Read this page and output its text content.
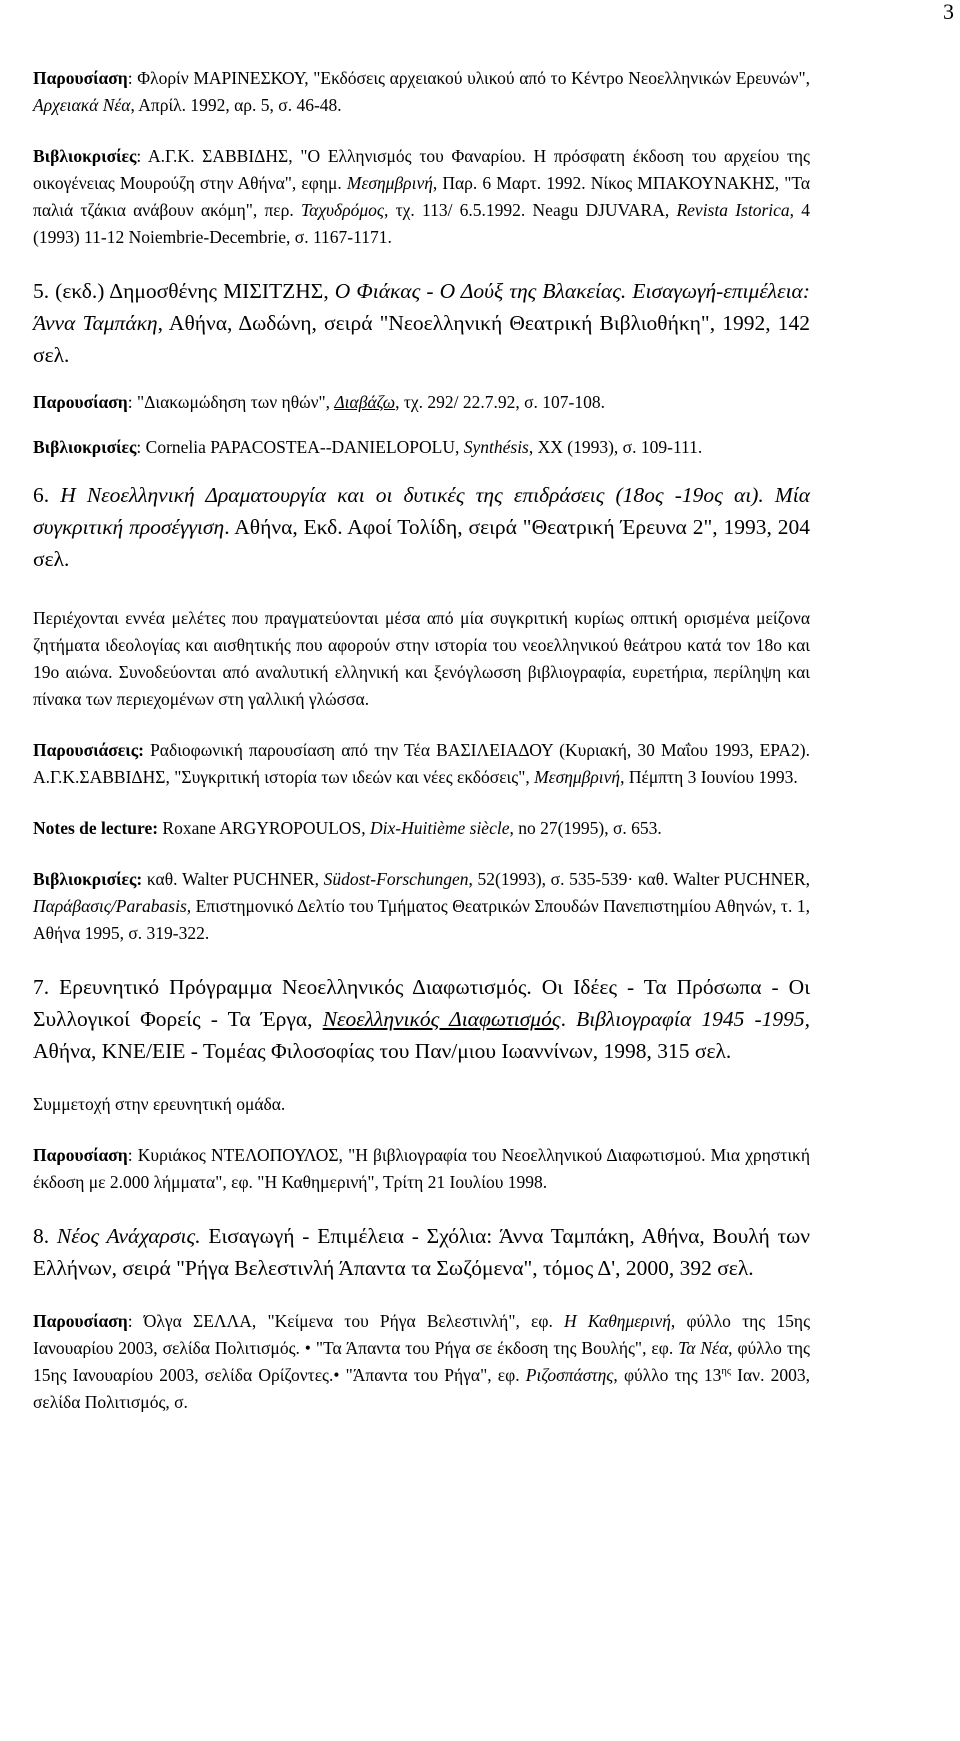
3

Παρουσίαση: Φλορίν ΜΑΡΙΝΕΣΚΟΥ, "Εκδόσεις αρχειακού υλικού από το Κέντρο Νεοελληνικών Ερευνών", Αρχειακά Νέα, Απρίλ. 1992, αρ. 5, σ. 46-48.

Βιβλιοκρισίες: Α.Γ.Κ. ΣΑΒΒΙΔΗΣ, "Ο Ελληνισμός του Φαναρίου. Η πρόσφατη έκδοση του αρχείου της οικογένειας Μουρούζη στην Αθήνα", εφημ. Μεσημβρινή, Παρ. 6 Μαρτ. 1992. Νίκος ΜΠΑΚΟΥΝΑΚΗΣ, "Τα παλιά τζάκια ανάβουν ακόμη", περ. Ταχυδρόμος, τχ. 113/ 6.5.1992. Neagu DJUVARA, Revista Istorica, 4 (1993) 11-12 Noiembrie-Decembrie, σ. 1167-1171.

5. (εκδ.) Δημοσθένης ΜΙΣΙΤΖΗΣ, Ο Φιάκας - Ο Δούξ της Βλακείας. Εισαγωγή-επιμέλεια: Άννα Ταμπάκη, Αθήνα, Δωδώνη, σειρά "Νεοελληνική Θεατρική Βιβλιοθήκη", 1992, 142 σελ.

Παρουσίαση: "Διακωμώδηση των ηθών", Διαβάζω, τχ. 292/ 22.7.92, σ. 107-108.

Βιβλιοκρισίες: Cornelia PAPACOSTEA--DANIELOPOLU, Synthésis, XX (1993), σ. 109-111.

6. Η Νεοελληνική Δραματουργία και οι δυτικές της επιδράσεις (18ος -19ος αι). Μία συγκριτική προσέγγιση. Αθήνα, Εκδ. Αφοί Τολίδη, σειρά "Θεατρική Έρευνα 2", 1993, 204 σελ.

Περιέχονται εννέα μελέτες που πραγματεύονται μέσα από μία συγκριτική κυρίως οπτική ορισμένα μείζονα ζητήματα ιδεολογίας και αισθητικής που αφορούν στην ιστορία του νεοελληνικού θεάτρου κατά τον 18ο και 19ο αιώνα. Συνοδεύονται από αναλυτική ελληνική και ξενόγλωσση βιβλιογραφία, ευρετήρια, περίληψη και πίνακα των περιεχομένων στη γαλλική γλώσσα.

Παρουσιάσεις: Ραδιοφωνική παρουσίαση από την Τέα ΒΑΣΙΛΕΙΑΔΟΥ (Κυριακή, 30 Μαΐου 1993, ΕΡΑ2). Α.Γ.Κ.ΣΑΒΒΙΔΗΣ, "Συγκριτική ιστορία των ιδεών και νέες εκδόσεις", Μεσημβρινή, Πέμπτη 3 Ιουνίου 1993.

Notes de lecture: Roxane ARGYROPOULOS, Dix-Huitième siècle, no 27(1995), σ. 653.

Βιβλιοκρισίες: καθ. Walter PUCHNER, Südost-Forschungen, 52(1993), σ. 535-539· καθ. Walter PUCHNER, Παράβασις/Parabasis, Επιστημονικό Δελτίο του Τμήματος Θεατρικών Σπουδών Πανεπιστημίου Αθηνών, τ. 1, Αθήνα 1995, σ. 319-322.

7. Ερευνητικό Πρόγραμμα Νεοελληνικός Διαφωτισμός. Οι Ιδέες - Τα Πρόσωπα - Οι Συλλογικοί Φορείς - Τα Έργα, Νεοελληνικός Διαφωτισμός. Βιβλιογραφία 1945 -1995, Αθήνα, ΚΝΕ/ΕΙΕ - Τομέας Φιλοσοφίας του Παν/μιου Ιωαννίνων, 1998, 315 σελ.

Συμμετοχή στην ερευνητική ομάδα.

Παρουσίαση: Κυριάκος ΝΤΕΛΟΠΟΥΛΟΣ, "Η βιβλιογραφία του Νεοελληνικού Διαφωτισμού. Μια χρηστική έκδοση με 2.000 λήμματα", εφ. "Η Καθημερινή", Τρίτη 21 Ιουλίου 1998.

8. Νέος Ανάχαρσις. Εισαγωγή - Επιμέλεια - Σχόλια: Άννα Ταμπάκη, Αθήνα, Βουλή των Ελλήνων, σειρά "Ρήγα Βελεστινλή Άπαντα τα Σωζόμενα", τόμος Δ', 2000, 392 σελ.

Παρουσίαση: Όλγα ΣΕΛΛΑ, "Κείμενα του Ρήγα Βελεστινλή", εφ. Η Καθημερινή, φύλλο της 15ης Ιανουαρίου 2003, σελίδα Πολιτισμός. • "Τα Άπαντα του Ρήγα σε έκδοση της Βουλής", εφ. Τα Νέα, φύλλο της 15ης Ιανουαρίου 2003, σελίδα Ορίζοντες.• "Άπαντα του Ρήγα", εφ. Ριζοσπάστης, φύλλο της $13^{\eta\varsigma}$ Ιαν. 2003, σελίδα Πολιτισμός, σ.
